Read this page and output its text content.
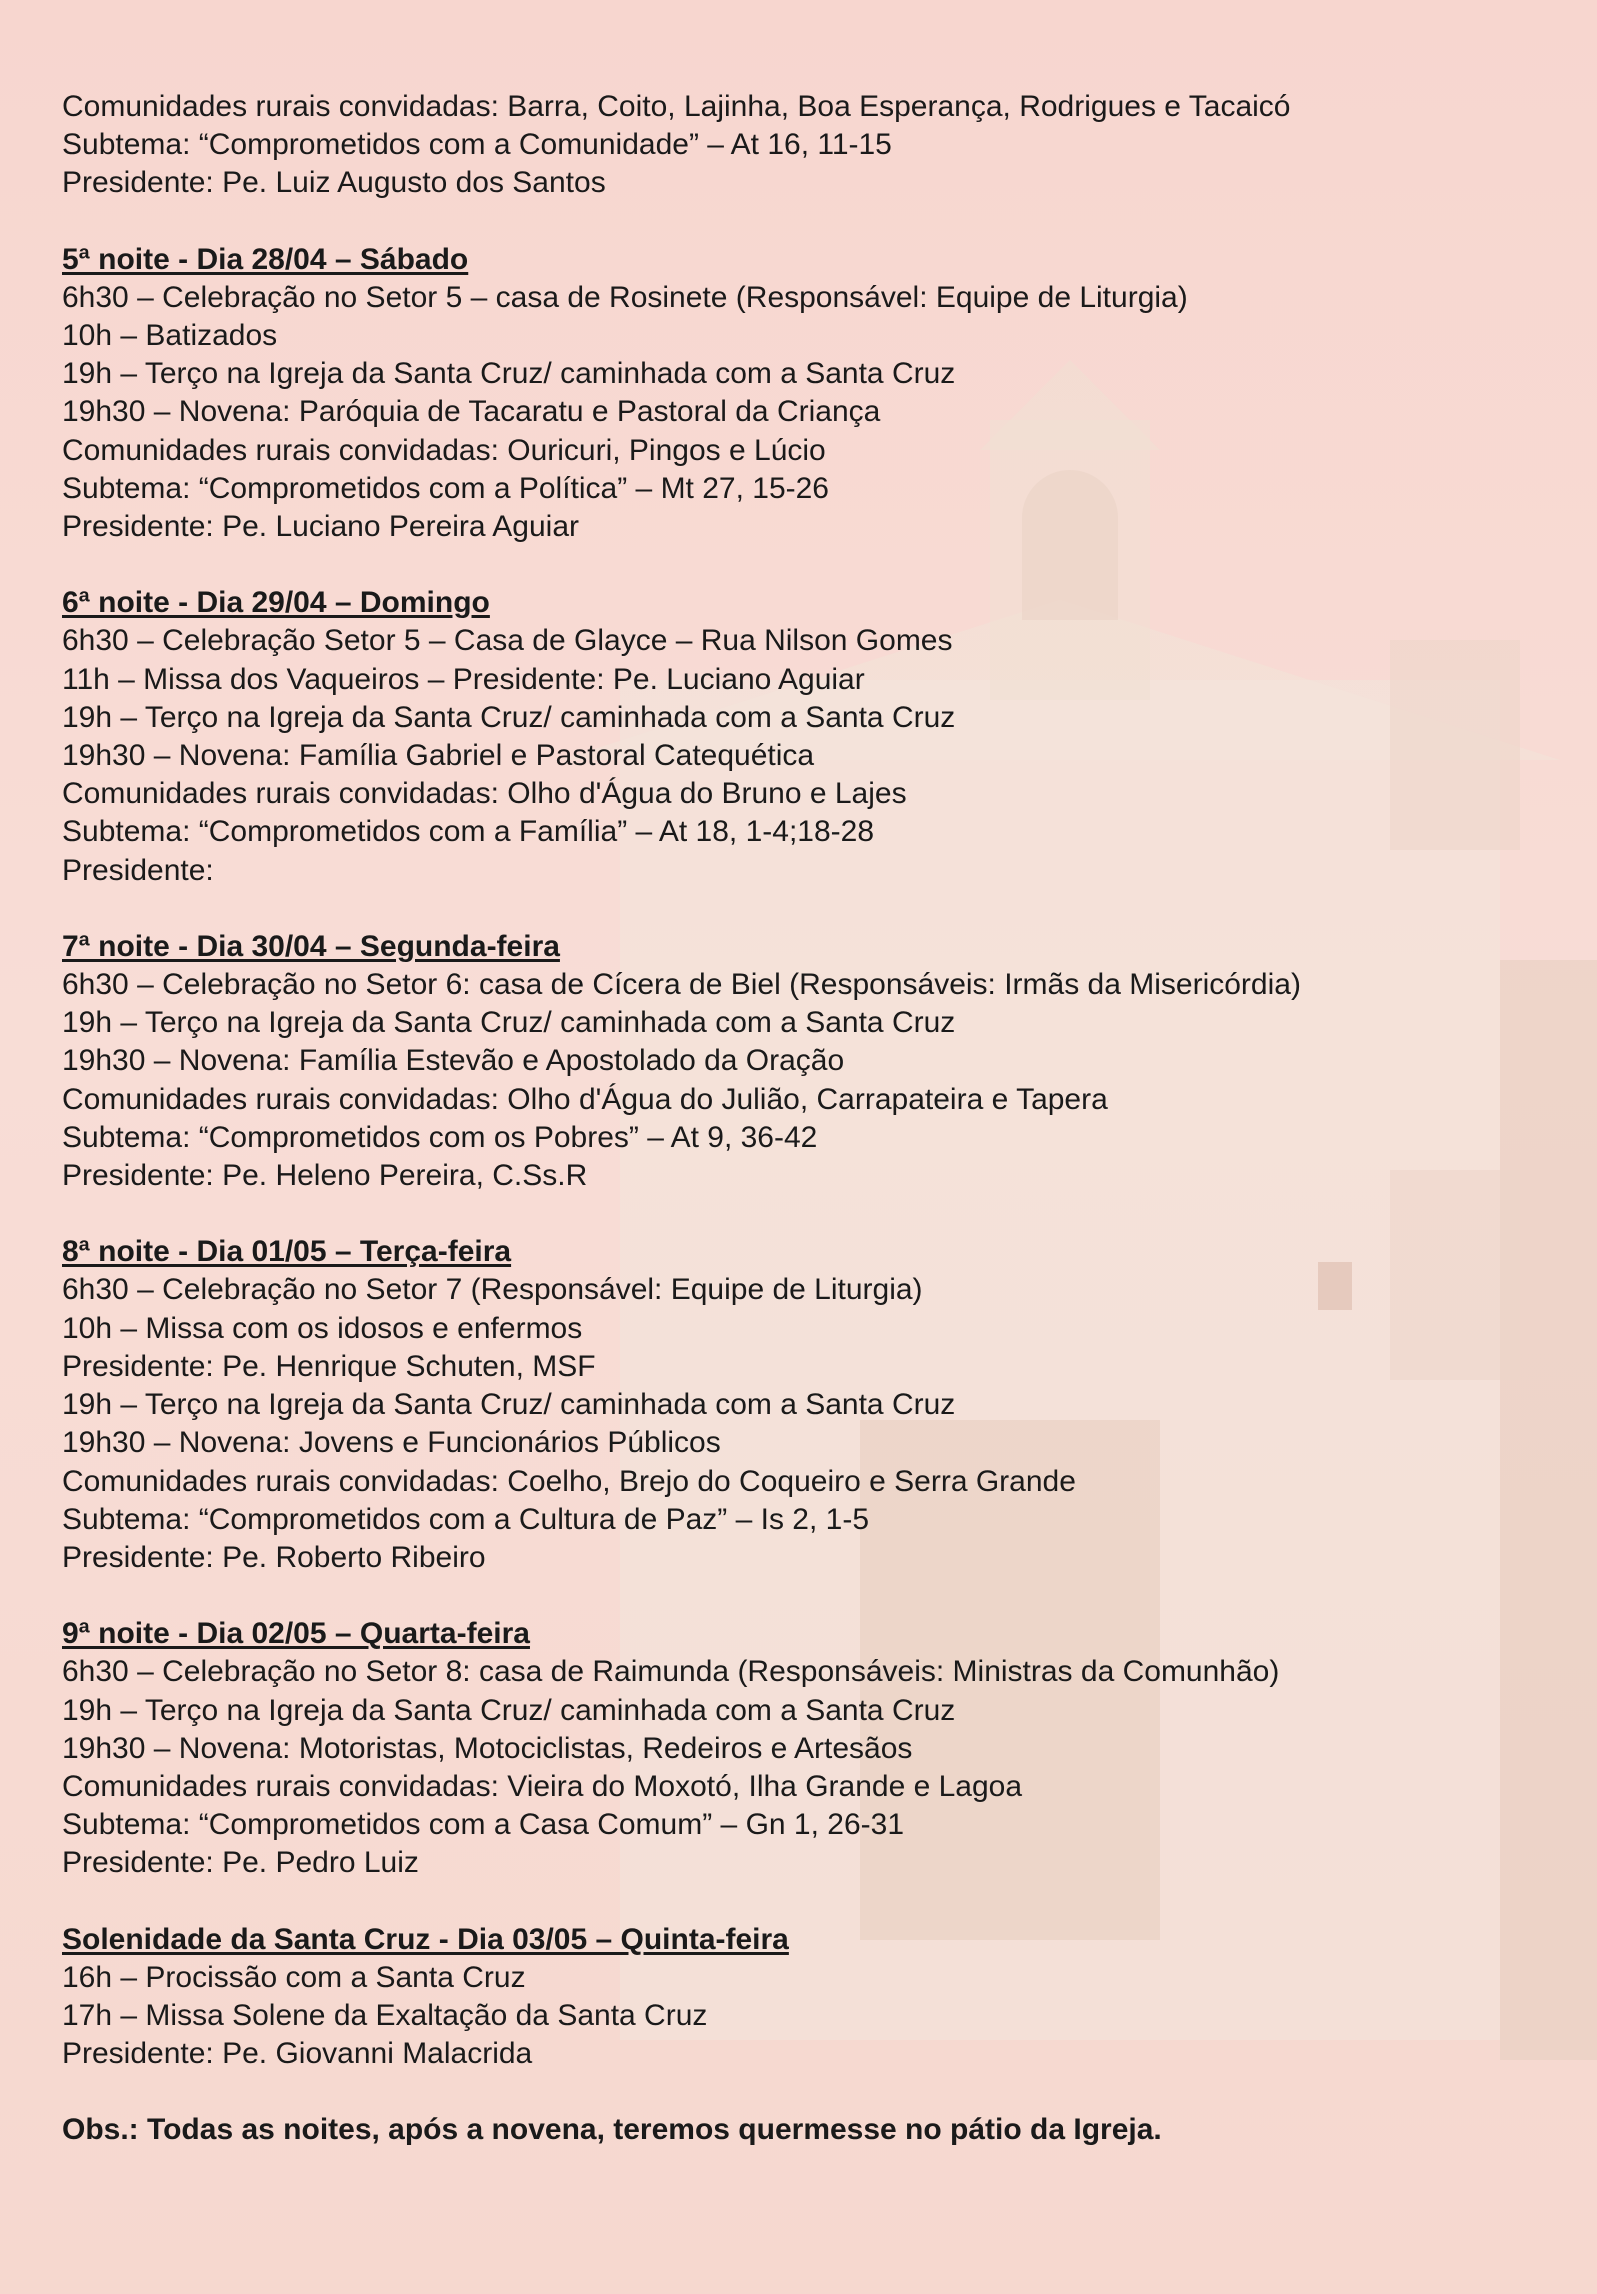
Comunidades rurais convidadas: Barra, Coito, Lajinha, Boa Esperança, Rodrigues e Tacaicó
Subtema: “Comprometidos com a Comunidade” – At 16, 11-15
Presidente: Pe. Luiz Augusto dos Santos
5ª noite - Dia 28/04 – Sábado
6h30 – Celebração no Setor 5 – casa de Rosinete (Responsável: Equipe de Liturgia)
10h – Batizados
19h – Terço na Igreja da Santa Cruz/ caminhada com a Santa Cruz
19h30 – Novena: Paróquia de Tacaratu e Pastoral da Criança
Comunidades rurais convidadas: Ouricuri, Pingos e Lúcio
Subtema: “Comprometidos com a Política” – Mt 27, 15-26
Presidente: Pe. Luciano Pereira Aguiar
6ª noite - Dia 29/04 – Domingo
6h30 – Celebração Setor 5 – Casa de Glayce – Rua Nilson Gomes
11h – Missa dos Vaqueiros – Presidente: Pe. Luciano Aguiar
19h – Terço na Igreja da Santa Cruz/ caminhada com a Santa Cruz
19h30 – Novena: Família Gabriel e Pastoral Catequética
Comunidades rurais convidadas: Olho d'Água do Bruno e Lajes
Subtema: “Comprometidos com a Família” – At 18, 1-4;18-28
Presidente:
7ª noite - Dia 30/04 – Segunda-feira
6h30 – Celebração no Setor 6: casa de Cícera de Biel (Responsáveis: Irmãs da Misericórdia)
19h – Terço na Igreja da Santa Cruz/ caminhada com a Santa Cruz
19h30 – Novena: Família Estevão e Apostolado da Oração
Comunidades rurais convidadas: Olho d'Água do Julião, Carrapateira e Tapera
Subtema: “Comprometidos com os Pobres” – At 9, 36-42
Presidente: Pe. Heleno Pereira, C.Ss.R
8ª noite - Dia 01/05 – Terça-feira
6h30 – Celebração no Setor 7 (Responsável: Equipe de Liturgia)
10h – Missa com os idosos e enfermos
Presidente: Pe. Henrique Schuten, MSF
19h – Terço na Igreja da Santa Cruz/ caminhada com a Santa Cruz
19h30 – Novena: Jovens e Funcionários Públicos
Comunidades rurais convidadas: Coelho, Brejo do Coqueiro e Serra Grande
Subtema: “Comprometidos com a Cultura de Paz” – Is 2, 1-5
Presidente: Pe. Roberto Ribeiro
9ª noite - Dia 02/05 – Quarta-feira
6h30 – Celebração no Setor 8: casa de Raimunda (Responsáveis: Ministras da Comunhão)
19h – Terço na Igreja da Santa Cruz/ caminhada com a Santa Cruz
19h30 – Novena: Motoristas, Motociclistas, Redeiros e Artesãos
Comunidades rurais convidadas: Vieira do Moxotó, Ilha Grande e Lagoa
Subtema: “Comprometidos com a Casa Comum” – Gn 1, 26-31
Presidente: Pe. Pedro Luiz
Solenidade da Santa Cruz - Dia 03/05 – Quinta-feira
16h – Procissão com a Santa Cruz
17h – Missa Solene da Exaltação da Santa Cruz
Presidente: Pe. Giovanni Malacrida
Obs.: Todas as noites, após a novena, teremos quermesse no pátio da Igreja.
